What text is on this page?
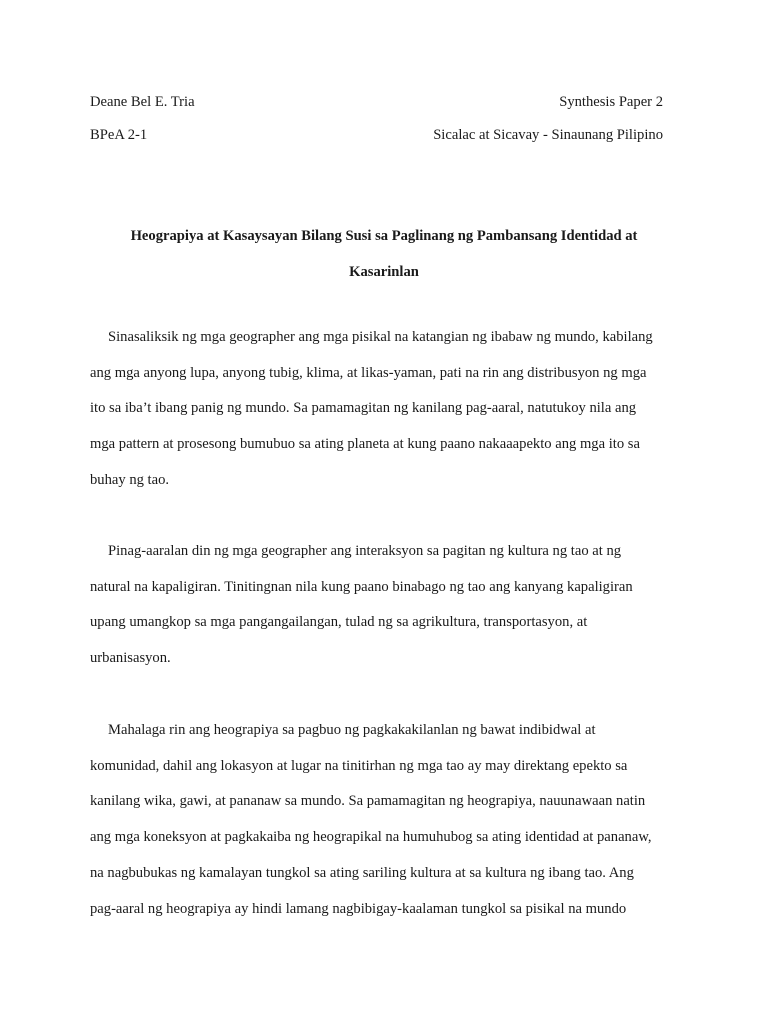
Deane Bel E. Tria	Synthesis Paper 2
BPeA 2-1	Sicalac at Sicavay - Sinaunang Pilipino
Heograpiya at Kasaysayan Bilang Susi sa Paglinang ng Pambansang Identidad at
Kasarinlan
Sinasaliksik ng mga geographer ang mga pisikal na katangian ng ibabaw ng mundo, kabilang
ang mga anyong lupa, anyong tubig, klima, at likas-yaman, pati na rin ang distribusyon ng mga
ito sa iba’t ibang panig ng mundo. Sa pamamagitan ng kanilang pag-aaral, natutukoy nila ang
mga pattern at prosesong bumubuo sa ating planeta at kung paano nakaaapekto ang mga ito sa
buhay ng tao.
Pinag-aaralan din ng mga geographer ang interaksyon sa pagitan ng kultura ng tao at ng
natural na kapaligiran. Tinitingnan nila kung paano binabago ng tao ang kanyang kapaligiran
upang umangkop sa mga pangangailangan, tulad ng sa agrikultura, transportasyon, at
urbanisasyon.
Mahalaga rin ang heograpiya sa pagbuo ng pagkakakilanlan ng bawat indibidwal at
komunidad, dahil ang lokasyon at lugar na tinitirhan ng mga tao ay may direktang epekto sa
kanilang wika, gawi, at pananaw sa mundo. Sa pamamagitan ng heograpiya, nauunawaan natin
ang mga koneksyon at pagkakaiba ng heograpikal na humuhubog sa ating identidad at pananaw,
na nagbubukas ng kamalayan tungkol sa ating sariling kultura at sa kultura ng ibang tao. Ang
pag-aaral ng heograpiya ay hindi lamang nagbibigay-kaalaman tungkol sa pisikal na mundo
